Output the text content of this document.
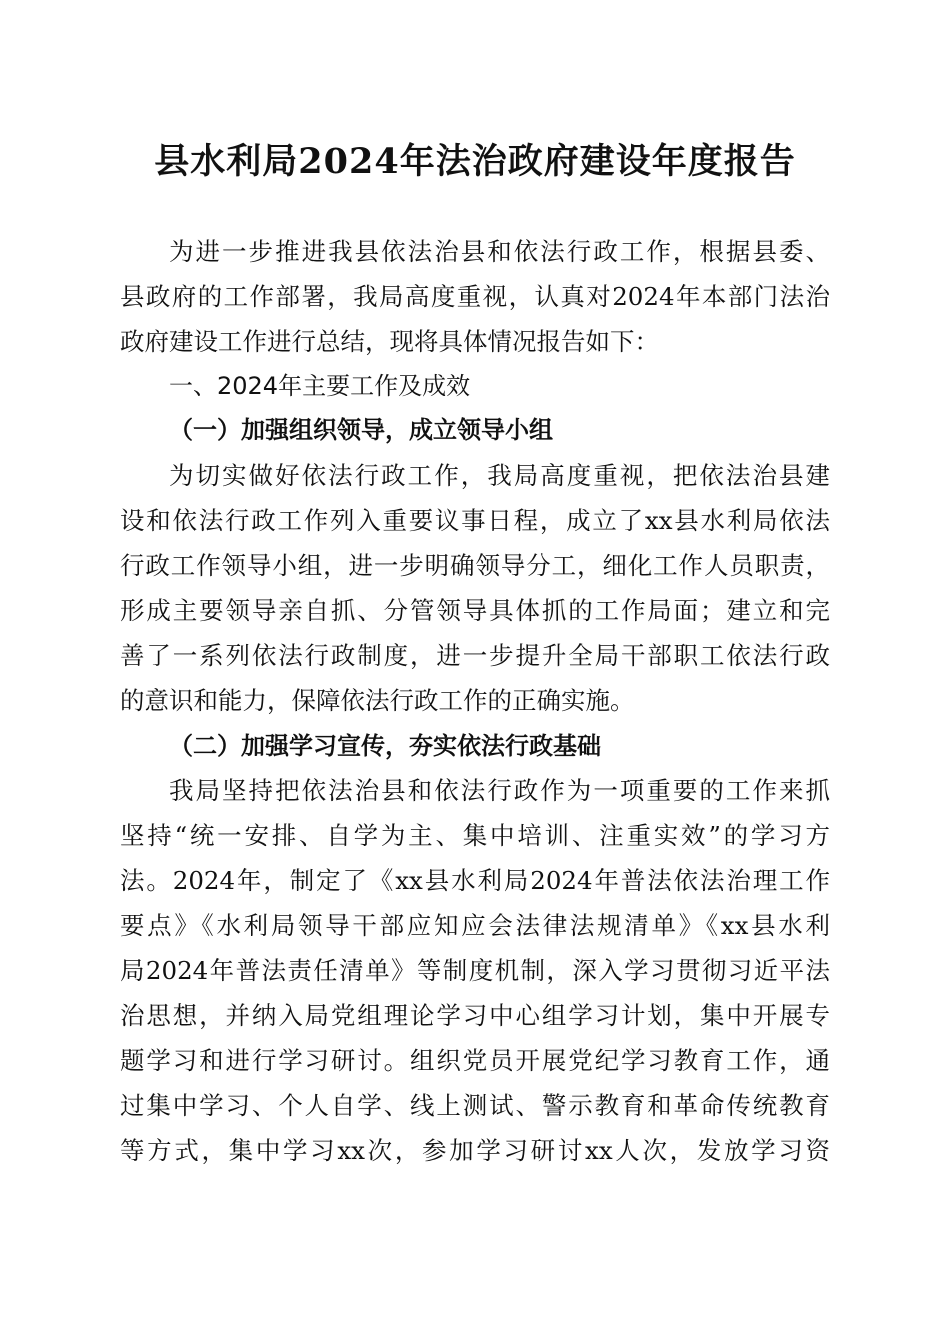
县水利局2024年法治政府建设年度报告
为进一步推进我县依法治县和依法行政工作，根据县委、
县政府的工作部署，我局高度重视，认真对2024年本部门法治
政府建设工作进行总结，现将具体情况报告如下：
一、2024年主要工作及成效
（一）加强组织领导，成立领导小组
为切实做好依法行政工作，我局高度重视，把依法治县建
设和依法行政工作列入重要议事日程，成立了xx县水利局依法
行政工作领导小组，进一步明确领导分工，细化工作人员职责，
形成主要领导亲自抓、分管领导具体抓的工作局面；建立和完
善了一系列依法行政制度，进一步提升全局干部职工依法行政
的意识和能力，保障依法行政工作的正确实施。
（二）加强学习宣传，夯实依法行政基础
我局坚持把依法治县和依法行政作为一项重要的工作来抓
坚持“统一安排、自学为主、集中培训、注重实效”的学习方
法。2024年，制定了《xx县水利局2024年普法依法治理工作
要点》《水利局领导干部应知应会法律法规清单》《xx县水利
局2024年普法责任清单》等制度机制，深入学习贯彻习近平法
治思想，并纳入局党组理论学习中心组学习计划，集中开展专
题学习和进行学习研讨。组织党员开展党纪学习教育工作，通
过集中学习、个人自学、线上测试、警示教育和革命传统教育
等方式，集中学习xx次，参加学习研讨xx人次，发放学习资
